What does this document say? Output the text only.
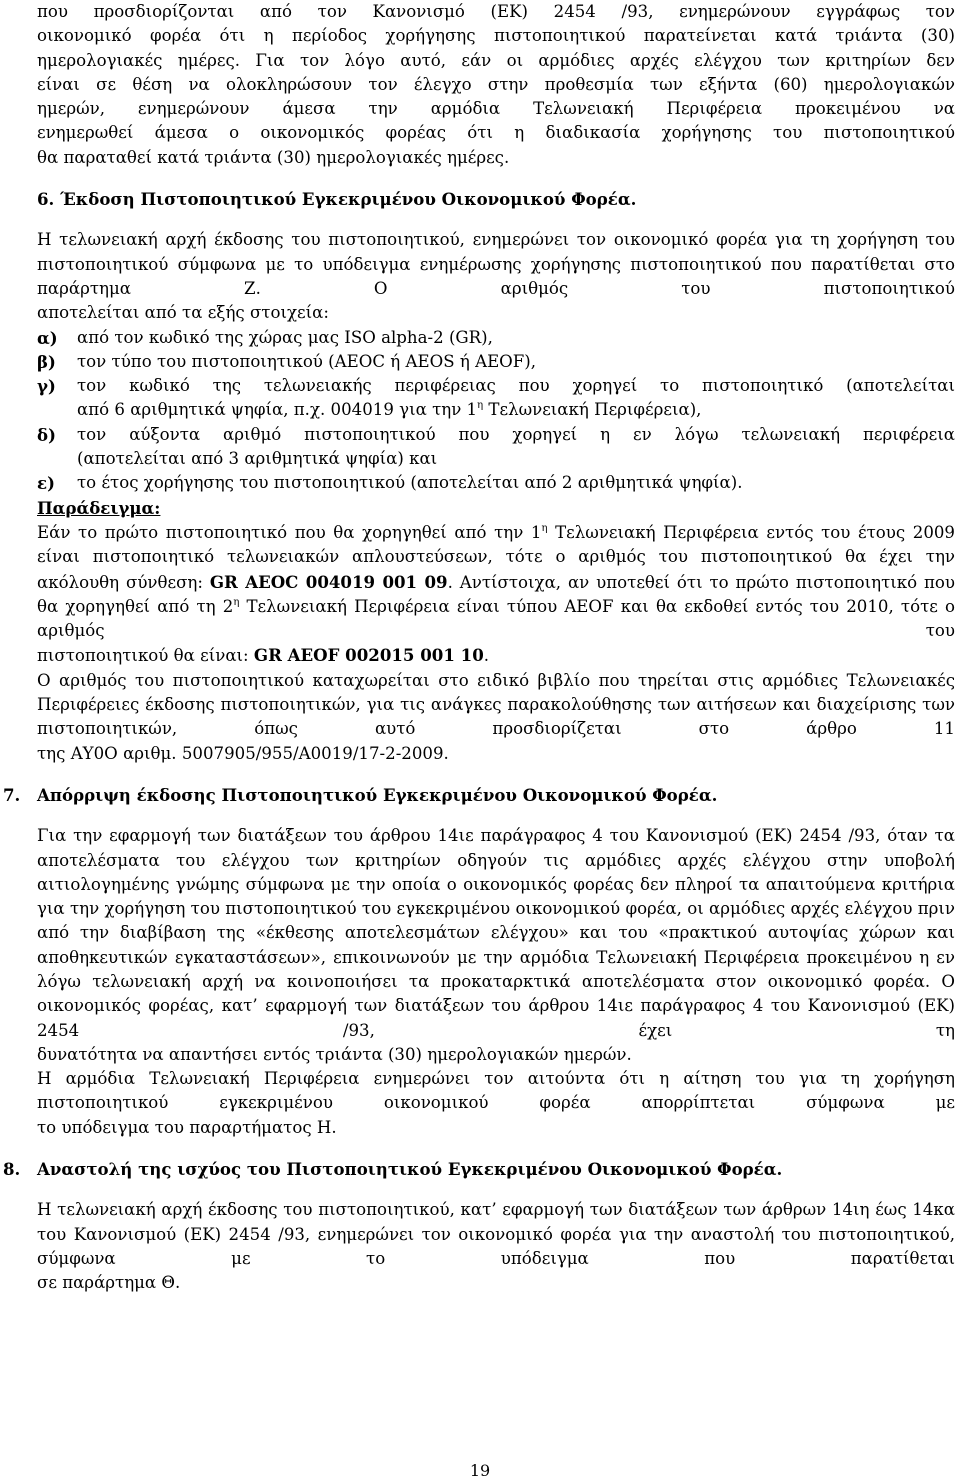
που προσδιορίζονται από τον Κανονισμό (ΕΚ) 2454 /93, ενημερώνουν εγγράφως τον

οικονομικό φορέα ότι η περίοδος χορήγησης πιστοποιητικού παρατείνεται κατά τριάντα (30)

ημερολογιακές ημέρες. Για τον λόγο αυτό, εάν οι αρμόδιες αρχές ελέγχου των κριτηρίων δεν

είναι σε θέση να ολοκληρώσουν τον έλεγχο στην προθεσμία των εξήντα (60) ημερολογιακών

ημερών, ενημερώνουν άμεσα την αρμόδια Τελωνειακή Περιφέρεια προκειμένου να

ενημερωθεί άμεσα ο οικονομικός φορέας ότι η διαδικασία χορήγησης του πιστοποιητικού

θα παραταθεί κατά τριάντα (30) ημερολογιακές ημέρες.

6. Έκδοση Πιστοποιητικού Εγκεκριμένου Οικονομικού Φορέα.

Η τελωνειακή αρχή έκδοσης του πιστοποιητικού, ενημερώνει τον οικονομικό φορέα για τη χορήγηση του πιστοποιητικού σύμφωνα με το υπόδειγμα ενημέρωσης χορήγησης πιστοποιητικού που παρατίθεται στο παράρτημα Ζ. Ο αριθμός του πιστοποιητικού

αποτελείται από τα εξής στοιχεία:

α) από τον κωδικό της χώρας μας ISO alpha-2 (GR),

β) τον τύπο του πιστοποιητικού (AEOC ή AEOS ή AEOF),

γ) τον κωδικό της τελωνειακής περιφέρειας που χορηγεί το πιστοποιητικό (αποτελείται

από 6 αριθμητικά ψηφία, π.χ. 004019 για την $1^\eta$ Τελωνειακή Περιφέρεια),

δ) τον αύξοντα αριθμό πιστοποιητικού που χορηγεί η εν λόγω τελωνειακή περιφέρεια

(αποτελείται από 3 αριθμητικά ψηφία) και

ε) το έτος χορήγησης του πιστοποιητικού (αποτελείται από 2 αριθμητικά ψηφία).

Παράδειγμα:

Εάν το πρώτο πιστοποιητικό που θα χορηγηθεί από την $1^\eta$ Τελωνειακή Περιφέρεια εντός του έτους 2009 είναι πιστοποιητικό τελωνειακών απλουστεύσεων, τότε ο αριθμός του πιστοποιητικού θα έχει την ακόλουθη σύνθεση: GR AEOC 004019 001 09. Αντίστοιχα, αν υποτεθεί ότι το πρώτο πιστοποιητικό που θα χορηγηθεί από τη $2^\eta$ Τελωνειακή Περιφέρεια είναι τύπου AEOF και θα εκδοθεί εντός του 2010, τότε ο αριθμός του

πιστοποιητικού θα είναι: GR AEOF 002015 001 10.

Ο αριθμός του πιστοποιητικού καταχωρείται στο ειδικό βιβλίο που τηρείται στις αρμόδιες Τελωνειακές Περιφέρειες έκδοσης πιστοποιητικών, για τις ανάγκες παρακολούθησης των αιτήσεων και διαχείρισης των πιστοποιητικών, όπως αυτό προσδιορίζεται στο άρθρο 11

της ΑΥ0Ο αριθμ. 5007905/955/Α0019/17-2-2009.

7. Απόρριψη έκδοσης Πιστοποιητικού Εγκεκριμένου Οικονομικού Φορέα.

Για την εφαρμογή των διατάξεων του άρθρου 14ιε παράγραφος 4 του Κανονισμού (ΕΚ) 2454 /93, όταν τα αποτελέσματα του ελέγχου των κριτηρίων οδηγούν τις αρμόδιες αρχές ελέγχου στην υποβολή αιτιολογημένης γνώμης σύμφωνα με την οποία ο οικονομικός φορέας δεν πληροί τα απαιτούμενα κριτήρια για την χορήγηση του πιστοποιητικού του εγκεκριμένου οικονομικού φορέα, οι αρμόδιες αρχές ελέγχου πριν από την διαβίβαση της «έκθεσης αποτελεσμάτων ελέγχου» και του «πρακτικού αυτοψίας χώρων και αποθηκευτικών εγκαταστάσεων», επικοινωνούν με την αρμόδια Τελωνειακή Περιφέρεια προκειμένου η εν λόγω τελωνειακή αρχή να κοινοποιήσει τα προκαταρκτικά αποτελέσματα στον οικονομικό φορέα. Ο οικονομικός φορέας, κατ’ εφαρμογή των διατάξεων του άρθρου 14ιε παράγραφος 4 του Κανονισμού (ΕΚ) 2454 /93, έχει τη

δυνατότητα να απαντήσει εντός τριάντα (30) ημερολογιακών ημερών.

Η αρμόδια Τελωνειακή Περιφέρεια ενημερώνει τον αιτούντα ότι η αίτηση του για τη χορήγηση πιστοποιητικού εγκεκριμένου οικονομικού φορέα απορρίπτεται σύμφωνα με

το υπόδειγμα του παραρτήματος Η.

8. Αναστολή της ισχύος του Πιστοποιητικού Εγκεκριμένου Οικονομικού Φορέα.

Η τελωνειακή αρχή έκδοσης του πιστοποιητικού, κατ’ εφαρμογή των διατάξεων των άρθρων 14ιη έως 14κα του Κανονισμού (ΕΚ) 2454 /93, ενημερώνει τον οικονομικό φορέα για την αναστολή του πιστοποιητικού, σύμφωνα με το υπόδειγμα που παρατίθεται

σε παράρτημα Θ.

19
